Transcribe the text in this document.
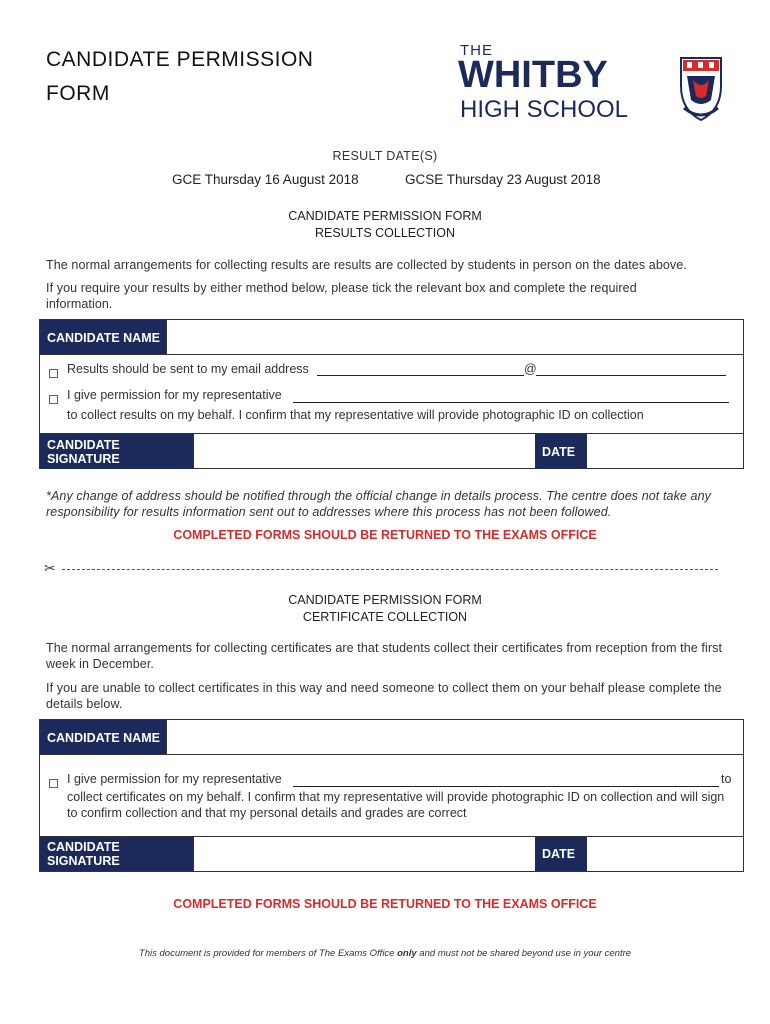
CANDIDATE PERMISSION
FORM
THE
WHITBY
HIGH SCHOOL
RESULT DATE(S)
GCE Thursday 16 August 2018	GCSE Thursday 23 August 2018
CANDIDATE PERMISSION FORM
RESULTS COLLECTION
The normal arrangements for collecting results are results are collected by students in person on the dates above.
If you require your results by either method below, please tick the relevant box and complete the required information.
CANDIDATE NAME
Results should be sent to my email address	@
I give permission for my representative
to collect results on my behalf. I confirm that my representative will provide photographic ID on collection
CANDIDATE SIGNATURE	DATE
*Any change of address should be notified through the official change in details process. The centre does not take any responsibility for results information sent out to addresses where this process has not been followed.
COMPLETED FORMS SHOULD BE RETURNED TO THE EXAMS OFFICE
✂
CANDIDATE PERMISSION FORM
CERTIFICATE COLLECTION
The normal arrangements for collecting certificates are that students collect their certificates from reception from the first week in December.
If you are unable to collect certificates in this way and need someone to collect them on your behalf please complete the details below.
CANDIDATE NAME
I give permission for my representative	to
collect certificates on my behalf. I confirm that my representative will provide photographic ID on collection and will sign to confirm collection and that my personal details and grades are correct
CANDIDATE SIGNATURE	DATE
COMPLETED FORMS SHOULD BE RETURNED TO THE EXAMS OFFICE
This document is provided for members of The Exams Office only and must not be shared beyond use in your centre
